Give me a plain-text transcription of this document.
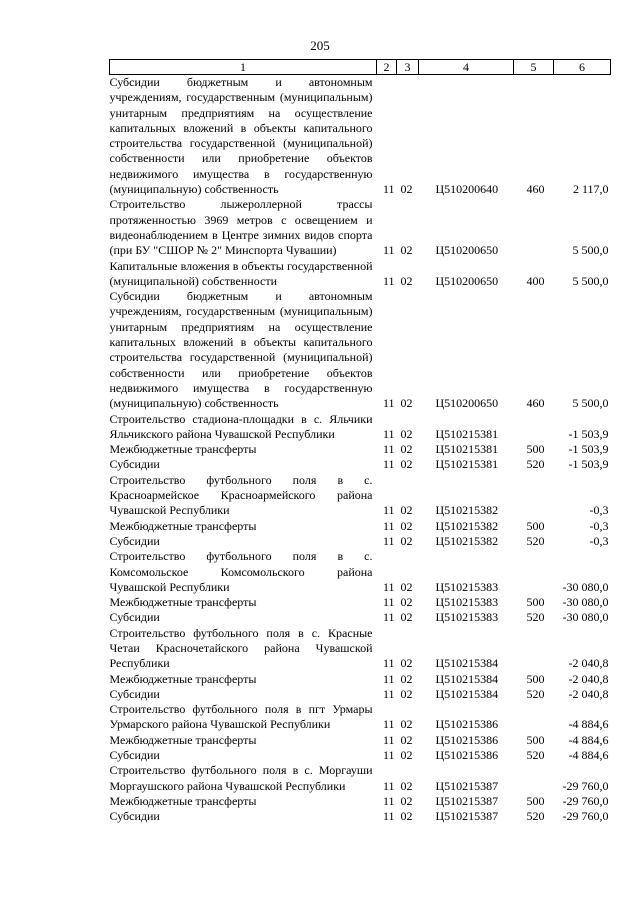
205
1	2	3	4	5	6
Субсидии бюджетным и автономным учреждениям, государственным (муниципальным) унитарным предприятиям на осуществление капитальных вложений в объекты капитального строительства государственной (муниципальной) собственности или приобретение объектов недвижимого имущества в государственную (муниципальную) собственность	11	02	Ц510200640	460	2 117,0
Строительство лыжероллерной трассы протяженностью 3969 метров с освещением и видеонаблюдением в Центре зимних видов спорта (при БУ "СШОР № 2" Минспорта Чувашии)	11	02	Ц510200650		5 500,0
Капитальные вложения в объекты государственной (муниципальной) собственности	11	02	Ц510200650	400	5 500,0
Субсидии бюджетным и автономным учреждениям, государственным (муниципальным) унитарным предприятиям на осуществление капитальных вложений в объекты капитального строительства государственной (муниципальной) собственности или приобретение объектов недвижимого имущества в государственную (муниципальную) собственность	11	02	Ц510200650	460	5 500,0
Строительство стадиона-площадки в с. Яльчики Яльчикского района Чувашской Республики	11	02	Ц510215381		-1 503,9
Межбюджетные трансферты	11	02	Ц510215381	500	-1 503,9
Субсидии	11	02	Ц510215381	520	-1 503,9
Строительство футбольного поля в с. Красноармейское Красноармейского района Чувашской Республики	11	02	Ц510215382		-0,3
Межбюджетные трансферты	11	02	Ц510215382	500	-0,3
Субсидии	11	02	Ц510215382	520	-0,3
Строительство футбольного поля в с. Комсомольское Комсомольского района Чувашской Республики	11	02	Ц510215383		-30 080,0
Межбюджетные трансферты	11	02	Ц510215383	500	-30 080,0
Субсидии	11	02	Ц510215383	520	-30 080,0
Строительство футбольного поля в с. Красные Четаи Красночетайского района Чувашской Республики	11	02	Ц510215384		-2 040,8
Межбюджетные трансферты	11	02	Ц510215384	500	-2 040,8
Субсидии	11	02	Ц510215384	520	-2 040,8
Строительство футбольного поля в пгт Урмары Урмарского района Чувашской Республики	11	02	Ц510215386		-4 884,6
Межбюджетные трансферты	11	02	Ц510215386	500	-4 884,6
Субсидии	11	02	Ц510215386	520	-4 884,6
Строительство футбольного поля в с. Моргауши Моргаушского района Чувашской Республики	11	02	Ц510215387		-29 760,0
Межбюджетные трансферты	11	02	Ц510215387	500	-29 760,0
Субсидии	11	02	Ц510215387	520	-29 760,0
